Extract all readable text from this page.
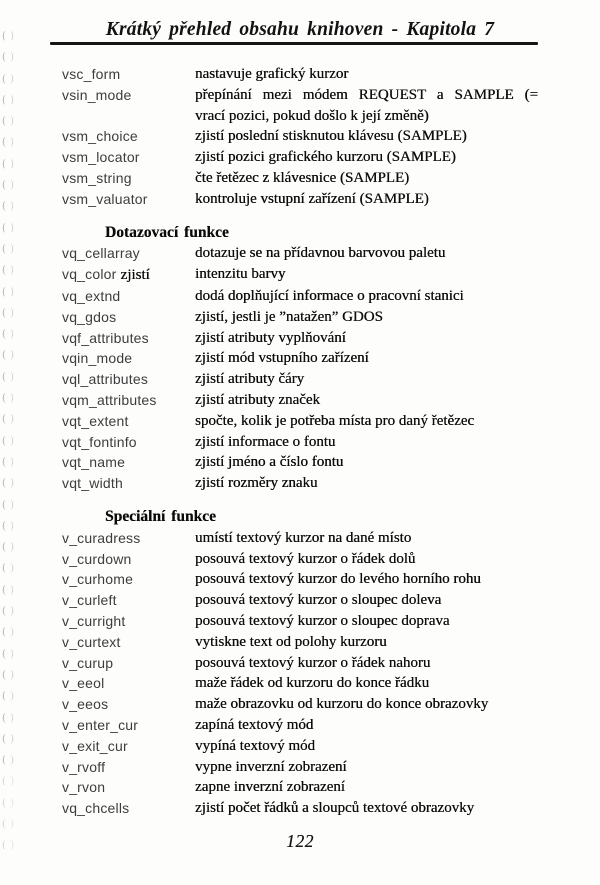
( )
( )
( )
( )
( )
( )
( )
( )
( )
( )
( )
( )
( )
( )
( )
( )
( )
( )
( )
( )
( )
( )
( )
( )
( )
( )
( )
( )
( )
( )
( )
( )
( )
( )
( )
( )
( )
( )
( )
Krátký přehled obsahu knihoven - Kapitola 7
vsc_form	nastavuje grafický kurzor
vsin_mode	přepínání mezi módem REQUEST a SAMPLE (=
vrací pozici, pokud došlo k její změně)
vsm_choice	zjistí poslední stisknutou klávesu (SAMPLE)
vsm_locator	zjistí pozici grafického kurzoru (SAMPLE)
vsm_string	čte řetězec z klávesnice (SAMPLE)
vsm_valuator	kontroluje vstupní zařízení (SAMPLE)
Dotazovací funkce
vq_cellarray	dotazuje se na přídavnou barvovou paletu
vq_color zjistí	intenzitu barvy
vq_extnd	dodá doplňující informace o pracovní stanici
vq_gdos	zjistí, jestli je ”natažen” GDOS
vqf_attributes	zjistí atributy vyplňování
vqin_mode	zjistí mód vstupního zařízení
vql_attributes	zjistí atributy čáry
vqm_attributes	zjistí atributy značek
vqt_extent	spočte, kolik je potřeba místa pro daný řetězec
vqt_fontinfo	zjistí informace o fontu
vqt_name	zjistí jméno a číslo fontu
vqt_width	zjistí rozměry znaku
Speciální funkce
v_curadress	umístí textový kurzor na dané místo
v_curdown	posouvá textový kurzor o řádek dolů
v_curhome	posouvá textový kurzor do levého horního rohu
v_curleft	posouvá textový kurzor o sloupec doleva
v_curright	posouvá textový kurzor o sloupec doprava
v_curtext	vytiskne text od polohy kurzoru
v_curup	posouvá textový kurzor o řádek nahoru
v_eeol	maže řádek od kurzoru do konce řádku
v_eeos	maže obrazovku od kurzoru do konce obrazovky
v_enter_cur	zapíná textový mód
v_exit_cur	vypíná textový mód
v_rvoff	vypne inverzní zobrazení
v_rvon	zapne inverzní zobrazení
vq_chcells	zjistí počet řádků a sloupců textové obrazovky
122
